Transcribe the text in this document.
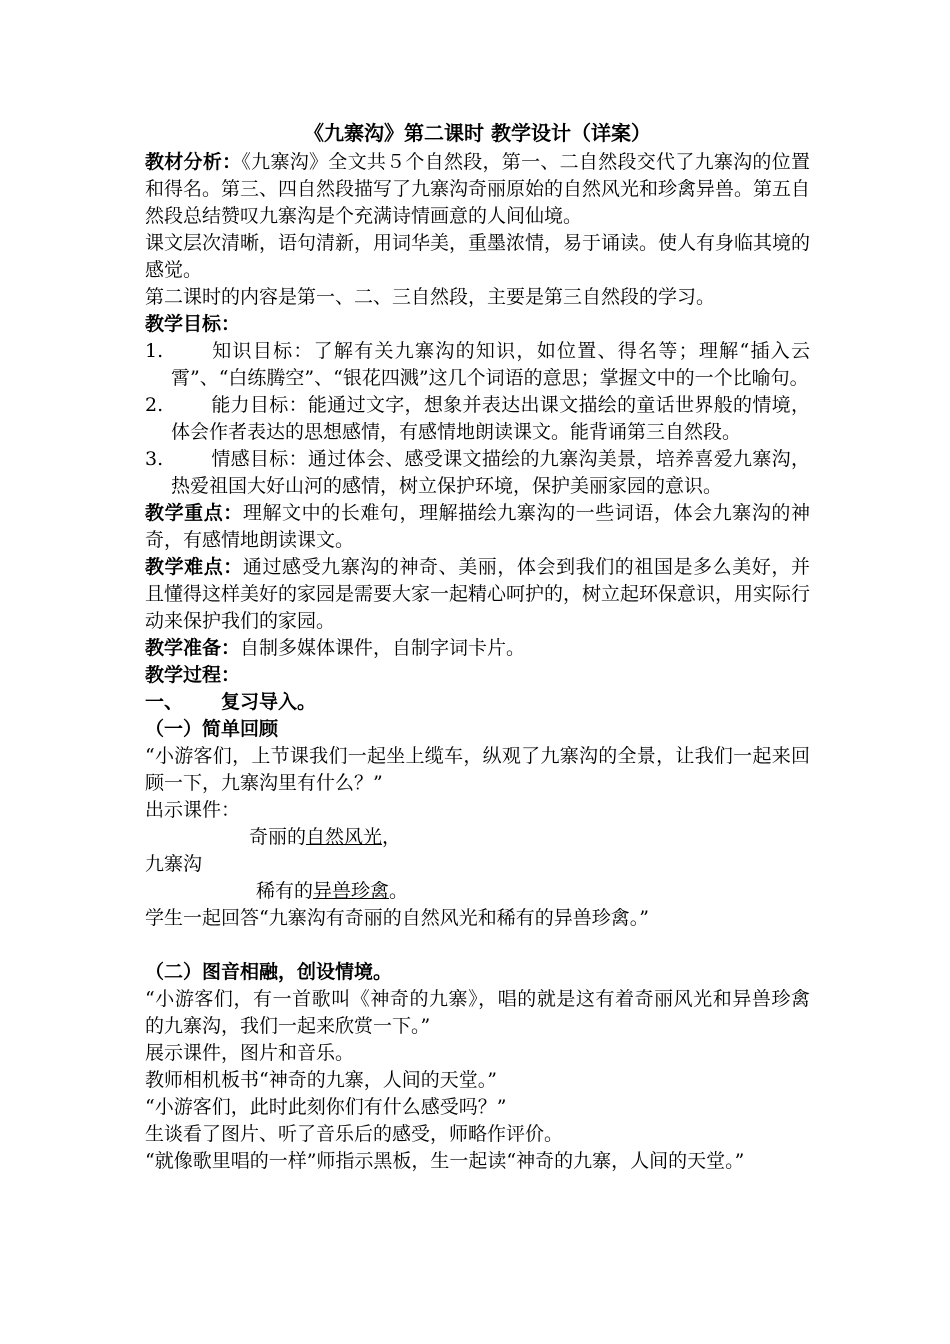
《九寨沟》第二课时 教学设计（详案）

教材分析：《九寨沟》全文共５个自然段，第一、二自然段交代了九寨沟的位置和得名。第三、四自然段描写了九寨沟奇丽原始的自然风光和珍禽异兽。第五自然段总结赞叹九寨沟是个充满诗情画意的人间仙境。

课文层次清晰，语句清新，用词华美，重墨浓情，易于诵读。使人有身临其境的感觉。

第二课时的内容是第一、二、三自然段，主要是第三自然段的学习。

教学目标：

1.	知识目标：了解有关九寨沟的知识，如位置、得名等；理解“插入云霄”、“白练腾空”、“银花四溅”这几个词语的意思；掌握文中的一个比喻句。
2.	能力目标：能通过文字，想象并表达出课文描绘的童话世界般的情境，体会作者表达的思想感情，有感情地朗读课文。能背诵第三自然段。
3.	情感目标：通过体会、感受课文描绘的九寨沟美景，培养喜爱九寨沟，热爱祖国大好山河的感情，树立保护环境，保护美丽家园的意识。

教学重点：理解文中的长难句，理解描绘九寨沟的一些词语，体会九寨沟的神奇，有感情地朗读课文。

教学难点：通过感受九寨沟的神奇、美丽，体会到我们的祖国是多么美好，并且懂得这样美好的家园是需要大家一起精心呵护的，树立起环保意识，用实际行动来保护我们的家园。

教学准备：自制多媒体课件，自制字词卡片。

教学过程：

一、 复习导入。

（一）简单回顾

“小游客们，上节课我们一起坐上缆车，纵观了九寨沟的全景，让我们一起来回顾一下，九寨沟里有什么？”

出示课件：

奇丽的自然风光，
九寨沟
稀有的异兽珍禽。

学生一起回答“九寨沟有奇丽的自然风光和稀有的异兽珍禽。”

（二）图音相融，创设情境。

“小游客们，有一首歌叫《神奇的九寨》，唱的就是这有着奇丽风光和异兽珍禽的九寨沟，我们一起来欣赏一下。”

展示课件，图片和音乐。

教师相机板书“神奇的九寨，人间的天堂。”

“小游客们，此时此刻你们有什么感受吗？”

生谈看了图片、听了音乐后的感受，师略作评价。

“就像歌里唱的一样”师指示黑板，生一起读“神奇的九寨，人间的天堂。”
